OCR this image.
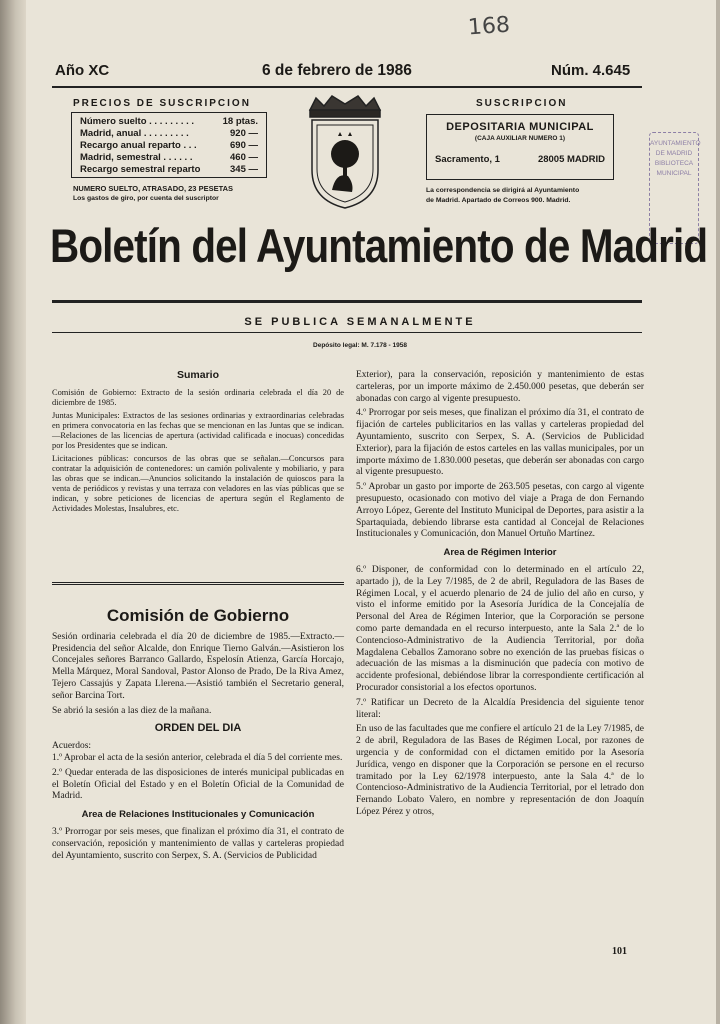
168
Año XC	6 de febrero de 1986	Núm. 4.645
PRECIOS DE SUSCRIPCION
Número suelto . . . . . . . . .	18 ptas.
Madrid, anual . . . . . . . . .	920 —
Recargo anual reparto . . .	690 —
Madrid, semestral . . . . . .	460 —
Recargo semestral reparto	345 —
NUMERO SUELTO, ATRASADO, 23 PESETAS
Los gastos de giro, por cuenta del suscriptor
SUSCRIPCION
DEPOSITARIA MUNICIPAL
(CAJA AUXILIAR NUMERO 1)
Sacramento, 1	28005 MADRID
La correspondencia se dirigirá al Ayuntamiento
de Madrid. Apartado de Correos 900. Madrid.
AYUNTAMIENTO DE MADRID BIBLIOTECA MUNICIPAL
Boletín del Ayuntamiento de Madrid
SE PUBLICA SEMANALMENTE
Depósito legal: M. 7.178 - 1958
Sumario

Comisión de Gobierno: Extracto de la sesión ordinaria celebrada el día 20 de diciembre de 1985.

Juntas Municipales: Extractos de las sesiones ordinarias y extraordinarias celebradas en primera convocatoria en las fechas que se mencionan en las Juntas que se indican.—Relaciones de las licencias de apertura (actividad calificada e inocuas) concedidas por los Presidentes que se indican.

Licitaciones públicas: concursos de las obras que se señalan.—Concursos para contratar la adquisición de contenedores: un camión polivalente y mobiliario, y para las obras que se indican.—Anuncios solicitando la instalación de quioscos para la venta de periódicos y revistas y una terraza con veladores en las vías públicas que se indican, y sobre peticiones de licencias de apertura según el Reglamento de Actividades Molestas, Insalubres, etc.

Comisión de Gobierno

Sesión ordinaria celebrada el día 20 de diciembre de 1985.—Extracto.—Presidencia del señor Alcalde, don Enrique Tierno Galván.—Asistieron los Concejales señores Barranco Gallardo, Espelosín Atienza, García Horcajo, Mella Márquez, Moral Sandoval, Pastor Alonso de Prado, De la Riva Amez, Tejero Cassajús y Zapata Llerena.—Asistió también el Secretario general, señor Barcina Tort.

Se abrió la sesión a las diez de la mañana.

ORDEN DEL DIA

Acuerdos:

1.º Aprobar el acta de la sesión anterior, celebrada el día 5 del corriente mes.

2.º Quedar enterada de las disposiciones de interés municipal publicadas en el Boletín Oficial del Estado y en el Boletín Oficial de la Comunidad de Madrid.

Area de Relaciones Institucionales y Comunicación

3.º Prorrogar por seis meses, que finalizan el próximo día 31, el contrato de conservación, reposición y mantenimiento de vallas y carteleras propiedad del Ayuntamiento, suscrito con Serpex, S. A. (Servicios de Publicidad

Exterior), para la conservación, reposición y mantenimiento de estas carteleras, por un importe máximo de 2.450.000 pesetas, que deberán ser abonadas con cargo al vigente presupuesto.

4.º Prorrogar por seis meses, que finalizan el próximo día 31, el contrato de fijación de carteles publicitarios en las vallas y carteleras propiedad del Ayuntamiento, suscrito con Serpex, S. A. (Servicios de Publicidad Exterior), para la fijación de estos carteles en las vallas municipales, por un importe máximo de 1.830.000 pesetas, que deberán ser abonadas con cargo al vigente presupuesto.

5.º Aprobar un gasto por importe de 263.505 pesetas, con cargo al vigente presupuesto, ocasionado con motivo del viaje a Praga de don Fernando Arroyo López, Gerente del Instituto Municipal de Deportes, para asistir a la Spartaquiada, debiendo librarse esta cantidad al Concejal de Relaciones Institucionales y Comunicación, don Manuel Ortuño Martínez.

Area de Régimen Interior

6.º Disponer, de conformidad con lo determinado en el artículo 22, apartado j), de la Ley 7/1985, de 2 de abril, Reguladora de las Bases de Régimen Local, y el acuerdo plenario de 24 de julio del año en curso, y visto el informe emitido por la Asesoría Jurídica de la Concejalía de Personal del Area de Régimen Interior, que la Corporación se persone como parte demandada en el recurso interpuesto, ante la Sala 2.ª de lo Contencioso-Administrativo de la Audiencia Territorial, por doña Magdalena Ceballos Zamorano sobre no exención de las pruebas físicas o adecuación de las mismas a la disminución que padecía con motivo de accidente profesional, debiéndose librar la correspondiente certificación al Procurador consistorial a los efectos oportunos.

7.º Ratificar un Decreto de la Alcaldía Presidencia del siguiente tenor literal:

En uso de las facultades que me confiere el artículo 21 de la Ley 7/1985, de 2 de abril, Reguladora de las Bases de Régimen Local, por razones de urgencia y de conformidad con el dictamen emitido por la Asesoría Jurídica, vengo en disponer que la Corporación se persone en el recurso tramitado por la Ley 62/1978 interpuesto, ante la Sala 4.ª de lo Contencioso-Administrativo de la Audiencia Territorial, por el letrado don Fernando Lobato Valero, en nombre y representación de don Joaquín López Pérez y otros,

101
